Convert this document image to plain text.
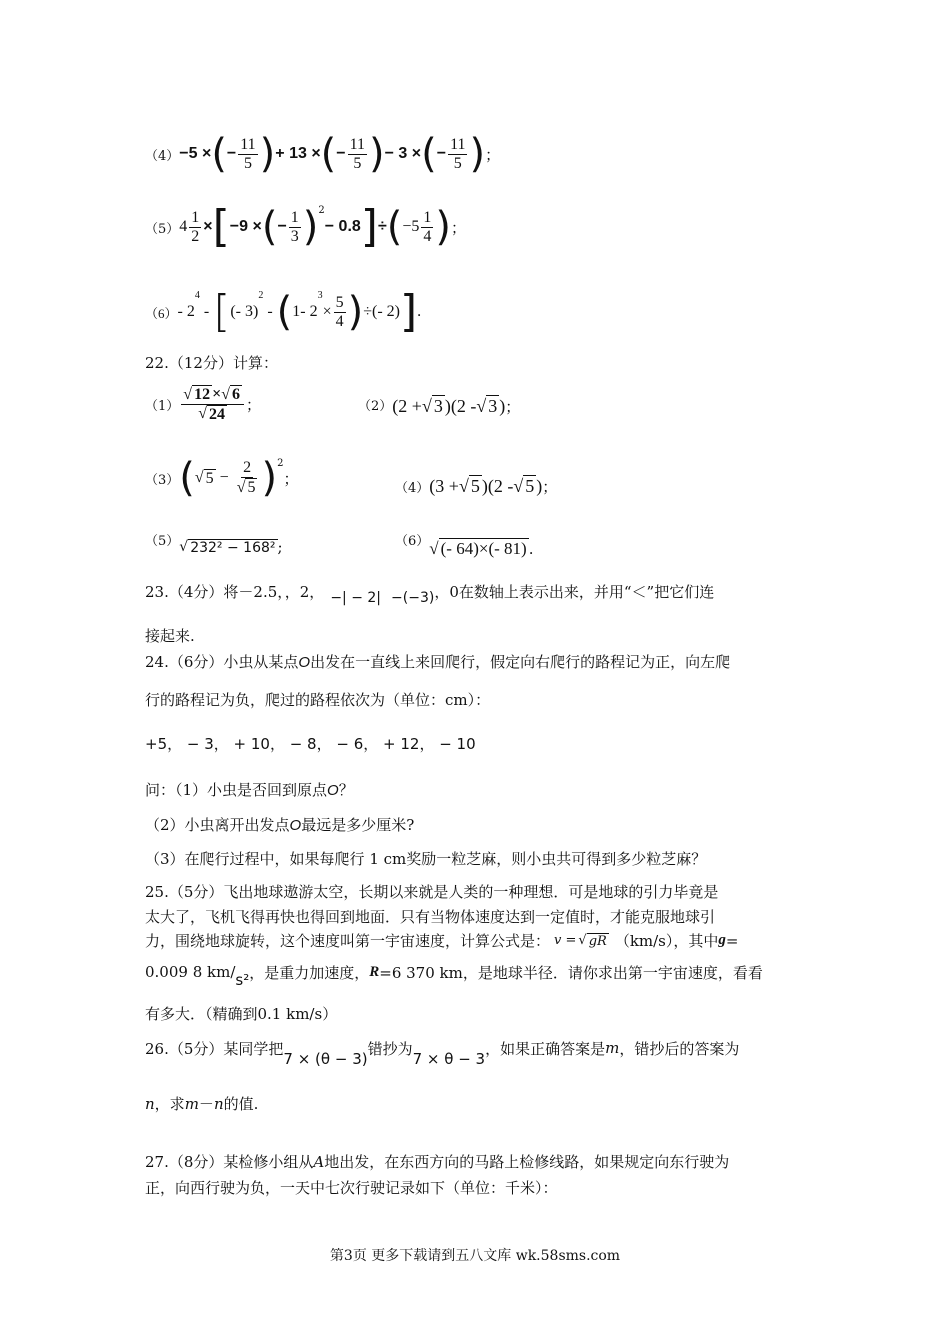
（4） −5 × ( − $\frac{11}{5}$ ) + 13 × ( − $\frac{11}{5}$ ) − 3 × ( − $\frac{11}{5}$ ) ；
（5） $4 \frac{1}{2}$ × [ −9 × ( − $\frac{1}{3} )^2$
− 0.8 ] ÷ ( $-5 \frac{1}{4}$ ) ；
（6） - 2
4
- [ (- 3)
2
- ( 1- 2
3
× $\frac{5}{4}$ ) ÷(- 2) ] .
22.（12分）计算：
$(1) \frac{√ 12 \times√ 6}{√ 24}$ ；	（2） (2 + √ 3 )(2 - √ 3 ) ；
（3） ( √ $5 - \frac{2}{√ 5} )^2$
；
（4） (3 + √ 5 )(2 - √ 5 ) ；
（5） √ 232² − 168² ;	（6） √ (- 64)×(- 81) .
23.（4分）将－2.5，，2， −| − 2| −(−3) ，0在数轴上表示出来，并用“＜”把它们连
接起来.
24.（6分）小虫从某点O出发在一直线上来回爬行，假定向右爬行的路程记为正，向左爬
行的路程记为负，爬过的路程依次为（单位：cm）：
+5， − 3， + 10， − 8， − 6， + 12， − 10
问：（1）小虫是否回到原点O？
（2）小虫离开出发点O最远是多少厘米?
（3）在爬行过程中，如果每爬行 1 cm奖励一粒芝麻，则小虫共可得到多少粒芝麻？
25.（5分）飞出地球遨游太空，长期以来就是人类的一种理想．可是地球的引力毕竟是
太大了，飞机飞得再快也得回到地面．只有当物体速度达到一定值时，才能克服地球引
力，围绕地球旋转，这个速度叫第一宇宙速度，计算公式是： v = √ gR （km/s），其中 g =
0.009 8 km/ s² ，是重力加速度， R =6 370 km，是地球半径．请你求出第一宇宙速度，看看
有多大．（精确到0.1 km/s）
26.（5分）某同学把
7 × (θ − 3)
错抄为
7 × θ − 3
，如果正确答案是 m ，错抄后的答案为
n，求m－n的值.
27.（8分）某检修小组从A地出发，在东西方向的马路上检修线路，如果规定向东行驶为
正，向西行驶为负，一天中七次行驶记录如下（单位：千米）：
第3页 更多下载请到五八文库 wk.58sms.com
